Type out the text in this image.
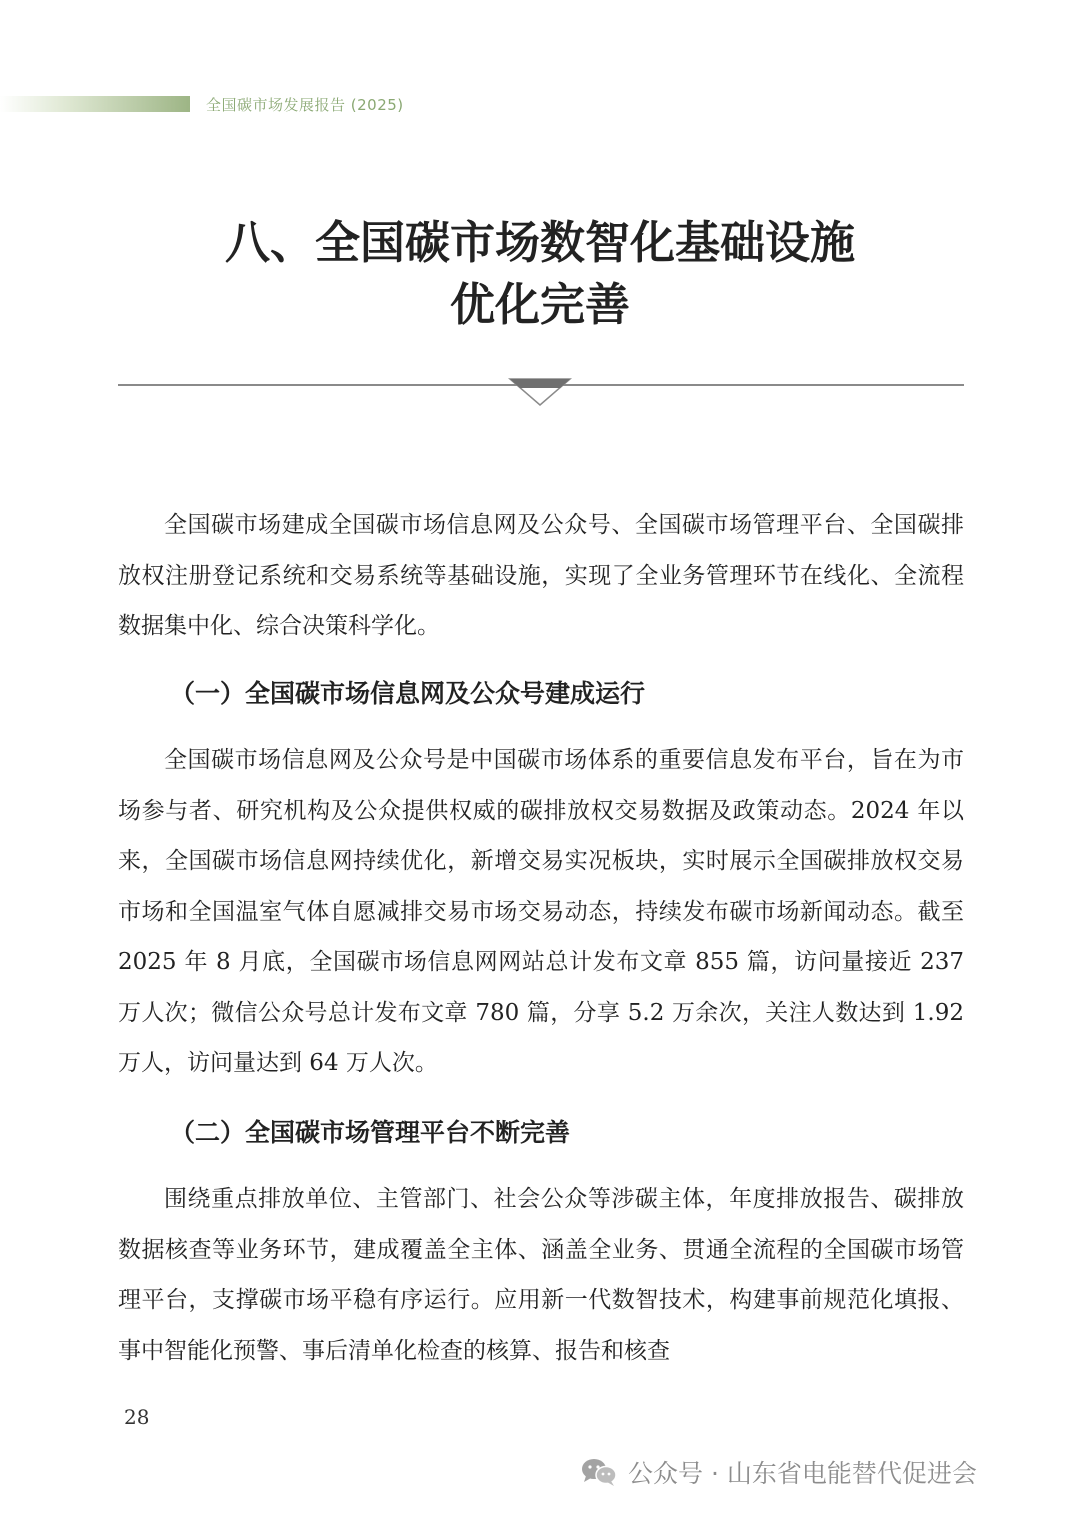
全国碳市场发展报告 (2025)
八、全国碳市场数智化基础设施
优化完善

全国碳市场建成全国碳市场信息网及公众号、全国碳市场管理平台、全国碳排放权注册登记系统和交易系统等基础设施，实现了全业务管理环节在线化、全流程数据集中化、综合决策科学化。

（一）全国碳市场信息网及公众号建成运行

全国碳市场信息网及公众号是中国碳市场体系的重要信息发布平台，旨在为市场参与者、研究机构及公众提供权威的碳排放权交易数据及政策动态。2024 年以来，全国碳市场信息网持续优化，新增交易实况板块，实时展示全国碳排放权交易市场和全国温室气体自愿减排交易市场交易动态，持续发布碳市场新闻动态。截至 2025 年 8 月底，全国碳市场信息网网站总计发布文章 855 篇，访问量接近 237 万人次；微信公众号总计发布文章 780 篇，分享 5.2 万余次，关注人数达到 1.92 万人，访问量达到 64 万人次。

（二）全国碳市场管理平台不断完善

围绕重点排放单位、主管部门、社会公众等涉碳主体，年度排放报告、碳排放数据核查等业务环节，建成覆盖全主体、涵盖全业务、贯通全流程的全国碳市场管理平台，支撑碳市场平稳有序运行。应用新一代数智技术，构建事前规范化填报、事中智能化预警、事后清单化检查的核算、报告和核查

28
公众号 · 山东省电能替代促进会
